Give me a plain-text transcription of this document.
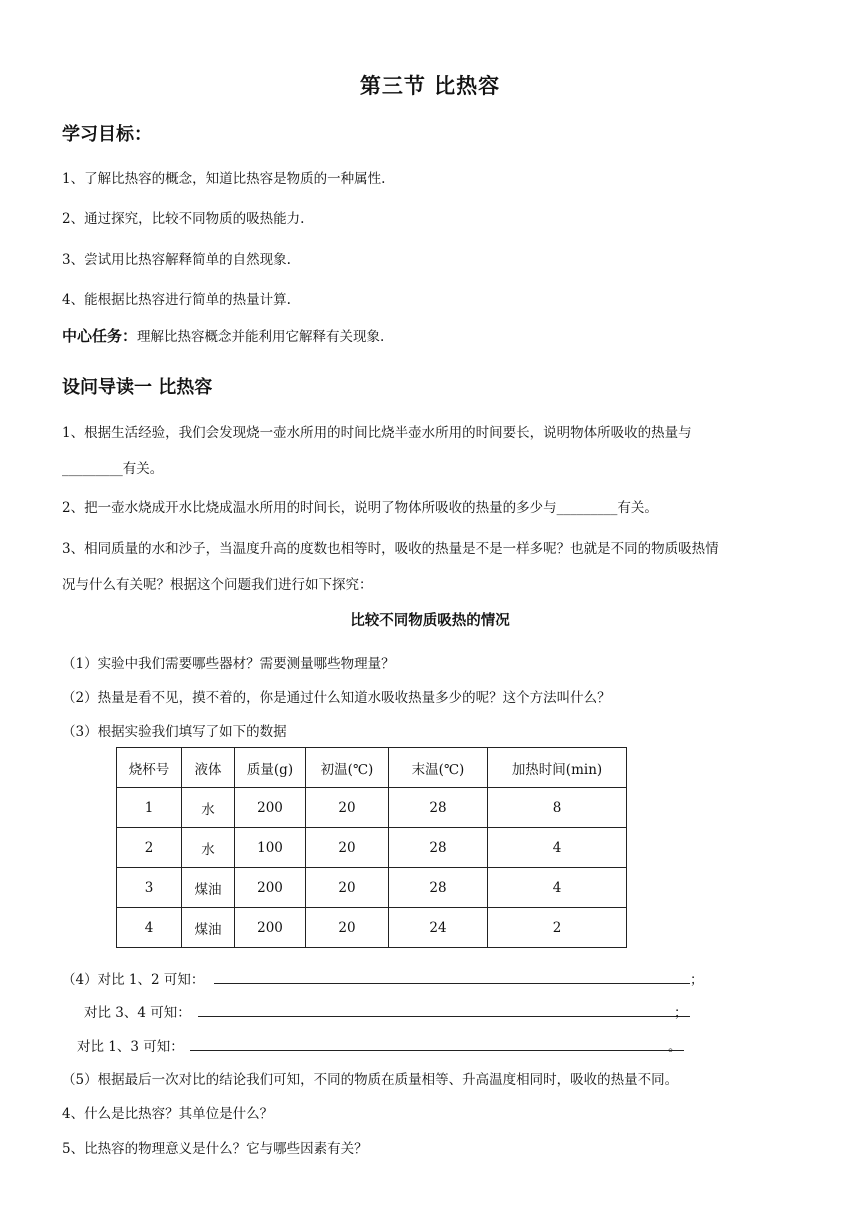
第三节 比热容
学习目标：
1、了解比热容的概念，知道比热容是物质的一种属性.
2、通过探究，比较不同物质的吸热能力.
3、尝试用比热容解释简单的自然现象.
4、能根据比热容进行简单的热量计算.
中心任务：理解比热容概念并能利用它解释有关现象.
设问导读一 比热容
1、根据生活经验，我们会发现烧一壶水所用的时间比烧半壶水所用的时间要长，说明物体所吸收的热量与
_________有关。
2、把一壶水烧成开水比烧成温水所用的时间长，说明了物体所吸收的热量的多少与_________有关。
3、相同质量的水和沙子，当温度升高的度数也相等时，吸收的热量是不是一样多呢？也就是不同的物质吸热情
况与什么有关呢？根据这个问题我们进行如下探究：
比较不同物质吸热的情况
（1）实验中我们需要哪些器材？需要测量哪些物理量？
（2）热量是看不见，摸不着的，你是通过什么知道水吸收热量多少的呢？这个方法叫什么？
（3）根据实验我们填写了如下的数据
烧杯号	液体	质量(g)	初温(℃)	末温(℃)	加热时间(min)
1	水	200	20	28	8
2	水	100	20	28	4
3	煤油	200	20	28	4
4	煤油	200	20	24	2
（4）对比 1、2 可知：	；
对比 3、4 可知：	；
对比 1、3 可知：	。
（5）根据最后一次对比的结论我们可知，不同的物质在质量相等、升高温度相同时，吸收的热量不同。
4、什么是比热容？其单位是什么？
5、比热容的物理意义是什么？它与哪些因素有关？
